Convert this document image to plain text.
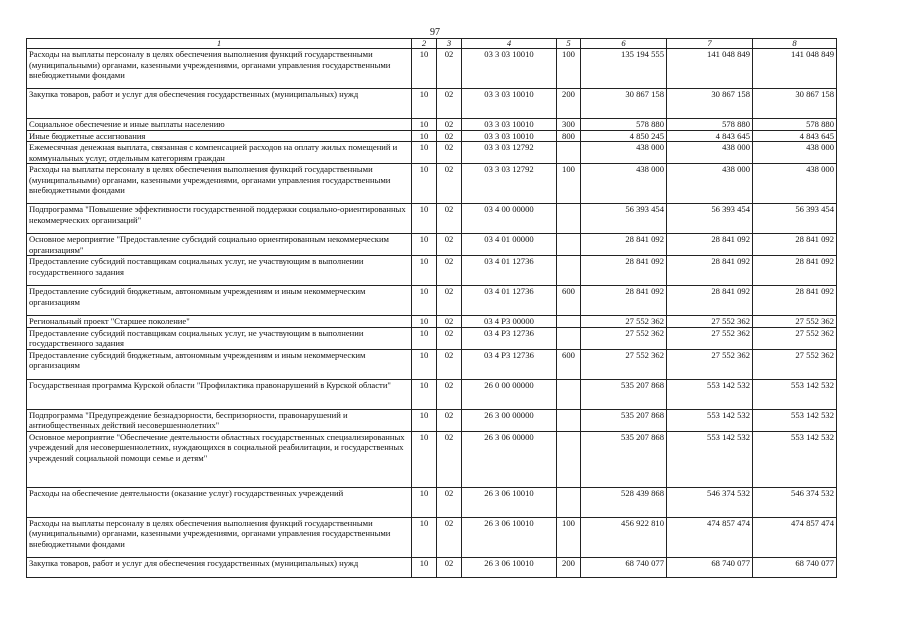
97
1	2	3	4	5	6	7	8
Расходы на выплаты персоналу в целях обеспечения выполнения функций государственными (муниципальными) органами, казенными учреждениями, органами управления государственными внебюджетными фондами	10	02	03 3 03 10010	100	135 194 555	141 048 849	141 048 849
Закупка товаров, работ и услуг для обеспечения государственных (муниципальных) нужд	10	02	03 3 03 10010	200	30 867 158	30 867 158	30 867 158
Социальное обеспечение и иные выплаты населению	10	02	03 3 03 10010	300	578 880	578 880	578 880
Иные бюджетные ассигнования	10	02	03 3 03 10010	800	4 850 245	4 843 645	4 843 645
Ежемесячная денежная выплата, связанная с компенсацией расходов на оплату жилых помещений и коммунальных услуг, отдельным категориям граждан	10	02	03 3 03 12792		438 000	438 000	438 000
Расходы на выплаты персоналу в целях обеспечения выполнения функций государственными (муниципальными) органами, казенными учреждениями, органами управления государственными внебюджетными фондами	10	02	03 3 03 12792	100	438 000	438 000	438 000
Подпрограмма "Повышение эффективности государственной поддержки социально-ориентированных некоммерческих организаций"	10	02	03 4 00 00000		56 393 454	56 393 454	56 393 454
Основное мероприятие "Предоставление субсидий социально ориентированным некоммерческим организациям"	10	02	03 4 01 00000		28 841 092	28 841 092	28 841 092
Предоставление субсидий поставщикам социальных услуг, не участвующим в выполнении государственного задания	10	02	03 4 01 12736		28 841 092	28 841 092	28 841 092
Предоставление субсидий бюджетным, автономным учреждениям и иным некоммерческим организациям	10	02	03 4 01 12736	600	28 841 092	28 841 092	28 841 092
Региональный проект "Старшее поколение"	10	02	03 4 P3 00000		27 552 362	27 552 362	27 552 362
Предоставление субсидий поставщикам социальных услуг, не участвующим в выполнении государственного задания	10	02	03 4 P3 12736		27 552 362	27 552 362	27 552 362
Предоставление субсидий бюджетным, автономным учреждениям и иным некоммерческим организациям	10	02	03 4 P3 12736	600	27 552 362	27 552 362	27 552 362
Государственная программа Курской области "Профилактика правонарушений в Курской области"	10	02	26 0 00 00000		535 207 868	553 142 532	553 142 532
Подпрограмма "Предупреждение безнадзорности, беспризорности, правонарушений и антиобщественных действий несовершеннолетних"	10	02	26 3 00 00000		535 207 868	553 142 532	553 142 532
Основное мероприятие "Обеспечение деятельности областных государственных специализированных учреждений для несовершеннолетних, нуждающихся в социальной реабилитации, и государственных учреждений социальной помощи семье и детям"	10	02	26 3 06 00000		535 207 868	553 142 532	553 142 532
Расходы на обеспечение деятельности (оказание услуг) государственных учреждений	10	02	26 3 06 10010		528 439 868	546 374 532	546 374 532
Расходы на выплаты персоналу в целях обеспечения выполнения функций государственными (муниципальными) органами, казенными учреждениями, органами управления государственными внебюджетными фондами	10	02	26 3 06 10010	100	456 922 810	474 857 474	474 857 474
Закупка товаров, работ и услуг для обеспечения государственных (муниципальных) нужд	10	02	26 3 06 10010	200	68 740 077	68 740 077	68 740 077
